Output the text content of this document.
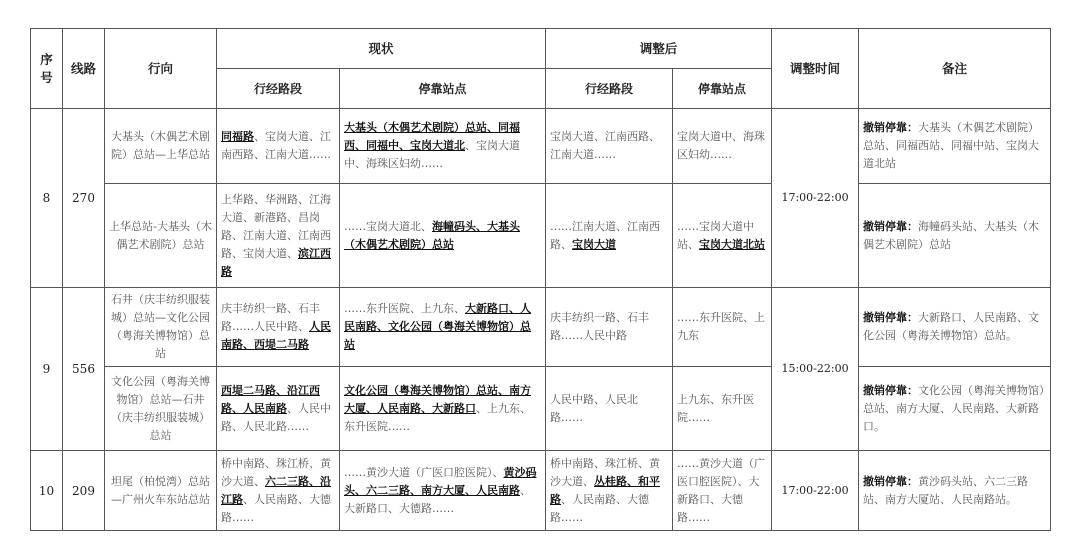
序号	线路	行向	现状		调整后		调整时间	备注
			行经路段	停靠站点	行经路段	停靠站点		
8	270	大基头（木偶艺术剧院）总站—上华总站	同福路、宝岗大道、江南西路、江南大道……	大基头（木偶艺术剧院）总站、同福西、同福中、宝岗大道北、宝岗大道中、海珠区妇幼……	宝岗大道、江南西路、江南大道……	宝岗大道中、海珠区妇幼……	17:00-22:00	撤销停靠：大基头（木偶艺术剧院）总站、同福西站、同福中站、宝岗大道北站
		上华总站-大基头（木偶艺术剧院）总站	上华路、华洲路、江海大道、新港路、昌岗路、江南大道、江南西路、宝岗大道、滨江西路	……宝岗大道北、海幢码头、大基头（木偶艺术剧院）总站	……江南大道、江南西路、宝岗大道	……宝岗大道中站、宝岗大道北站		撤销停靠：海幢码头站、大基头（木偶艺术剧院）总站
9	556	石井（庆丰纺织服装城）总站—文化公园（粤海关博物馆）总站	庆丰纺织一路、石丰路……人民中路、人民南路、西堤二马路	……东升医院、上九东、大新路口、人民南路、文化公园（粤海关博物馆）总站	庆丰纺织一路、石丰路……人民中路	……东升医院、上九东	15:00-22:00	撤销停靠：大新路口、人民南路、文化公园（粤海关博物馆）总站。
		文化公园（粤海关博物馆）总站—石井（庆丰纺织服装城）总站	西堤二马路、沿江西路、人民南路、人民中路、人民北路……	文化公园（粤海关博物馆）总站、南方大厦、人民南路、大新路口、上九东、东升医院……	人民中路、人民北路……	上九东、东升医院……		撤销停靠：文化公园（粤海关博物馆）总站、南方大厦、人民南路、大新路口。
10	209	坦尾（柏悦湾）总站—广州火车东站总站	桥中南路、珠江桥、黄沙大道、六二三路、沿江路、人民南路、大德路……	……黄沙大道（广医口腔医院）、黄沙码头、六二三路、南方大厦、人民南路、大新路口、大德路……	桥中南路、珠江桥、黄沙大道、丛桂路、和平路、人民南路、大德路……	……黄沙大道（广医口腔医院）、大新路口、大德路……	17:00-22:00	撤销停靠：黄沙码头站、六二三路站、南方大厦站、人民南路站。
